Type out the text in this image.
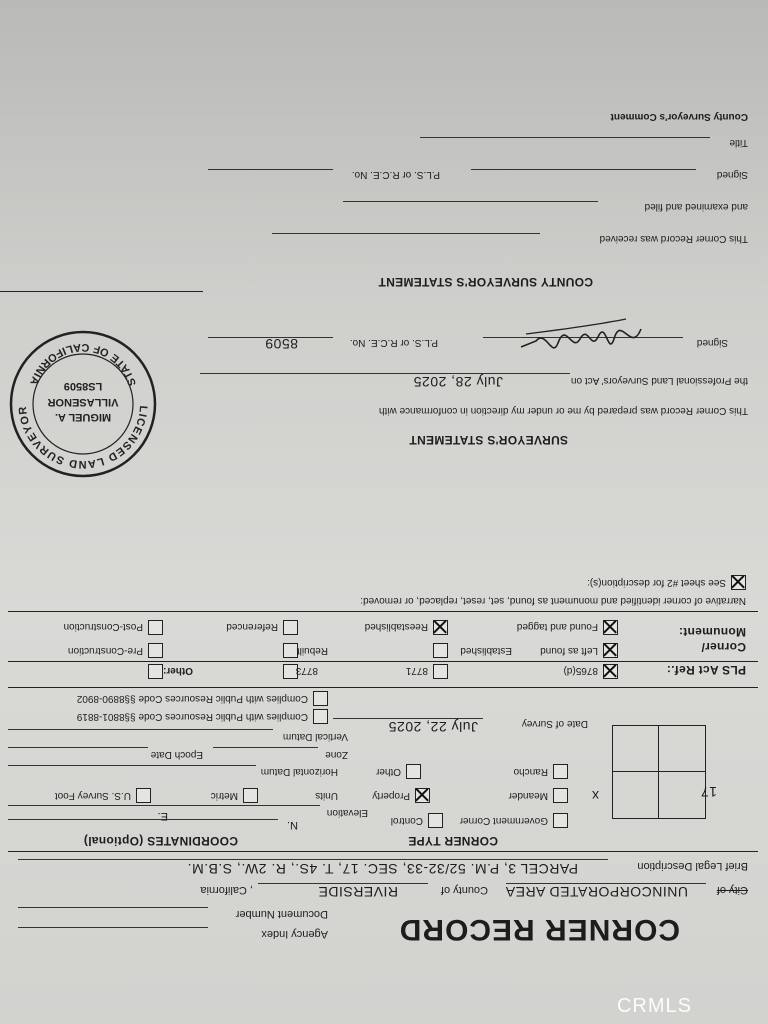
CORNER RECORD
Agency Index
Document Number
City of
UNINCORPORATED AREA
County of
RIVERSIDE
, California
Brief Legal Description
PARCEL 3, P.M. 52/32-33, SEC. 17, T. 4S., R. 2W., S.B.M.
CORNER TYPE
COORDINATES (Optional)
N.	Government Corner
Control
E.	Elevation
Meander
Property
Units
Metric
U.S. Survey Foot
Rancho
Other
Horizontal Datum
17
x
Zone
Epoch Date
Vertical Datum
Date of Survey
July 22, 2025
Complies with Public Resources Code §§8801-8819
Complies with Public Resources Code §§8890-8902
PLS Act Ref.:
8765(d)
8771
8773
Other:
Corner/
Monument:
Left as found
Established
Rebuilt
Pre-Construction
Found and tagged
Reestablished
Referenced
Post-Construction
Narrative of corner identified and monument as found, set, reset, replaced, or removed:
See sheet #2 for description(s):
SURVEYOR'S STATEMENT
This Corner Record was prepared by me or under my direction in conformance with
the Professional Land Surveyors' Act on
July 28, 2025
Signed
P.L.S. or R.C.E. No.
8509
LICENSED LAND SURVEYOR
STATE OF CALIFORNIA
MIGUEL A.
VILLASENOR
LS8509
COUNTY SURVEYOR'S STATEMENT
This Corner Record was received
and examined and filed
Signed
P.L.S. or R.C.E. No.
Title
County Surveyor's Comment
CRMLS
